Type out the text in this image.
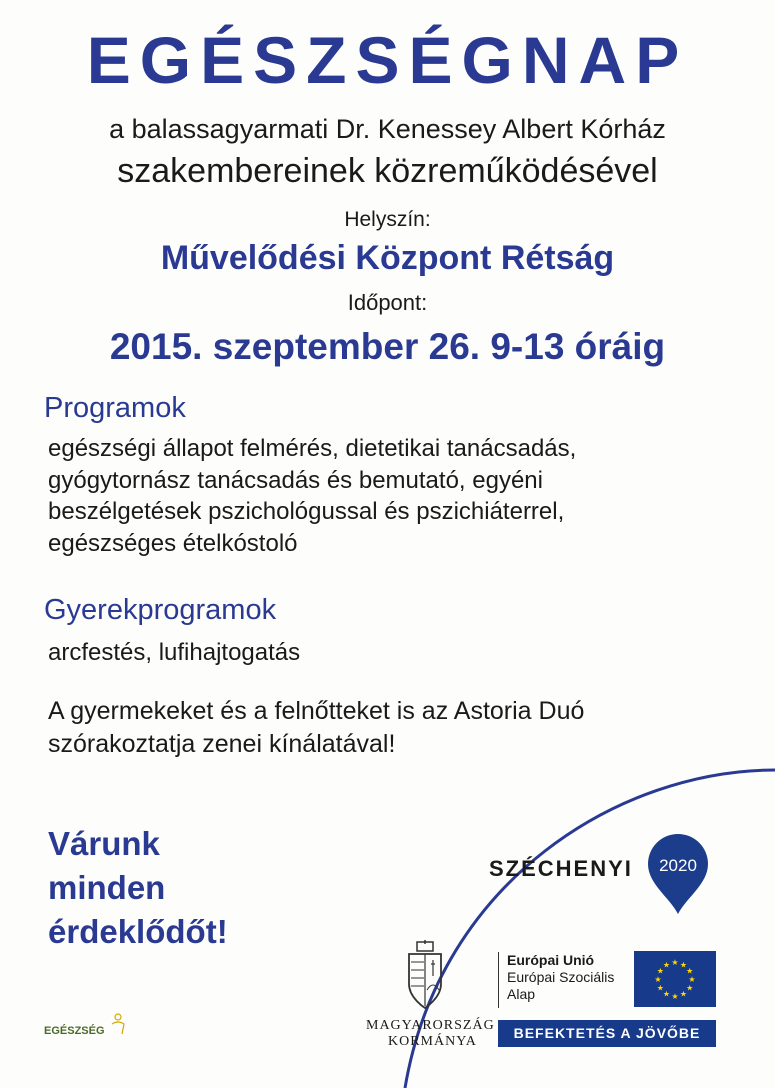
EGÉSZSÉGNAP
a balassagyarmati Dr. Kenessey Albert Kórház
szakembereinek közreműködésével
Helyszín:
Művelődési Központ Rétság
Időpont:
2015. szeptember 26. 9-13 óráig
Programok
egészségi állapot felmérés, dietetikai tanácsadás,
gyógytornász tanácsadás és bemutató, egyéni
beszélgetések pszichológussal és pszichiáterrel,
egészséges ételkóstoló
Gyerekprogramok
arcfestés, lufihajtogatás
A gyermekeket és a felnőtteket is az Astoria Duó
szórakoztatja zenei kínálatával!
Várunk
minden
érdeklődőt!
SZÉCHENYI 2020
MAGYARORSZÁG
KORMÁNYA
Európai Unió
Európai Szociális
Alap
★
★
★
★
★
★
★
★
★ ★ ★
★
BEFEKTETÉS A JÖVŐBE
EGÉSZSÉG
